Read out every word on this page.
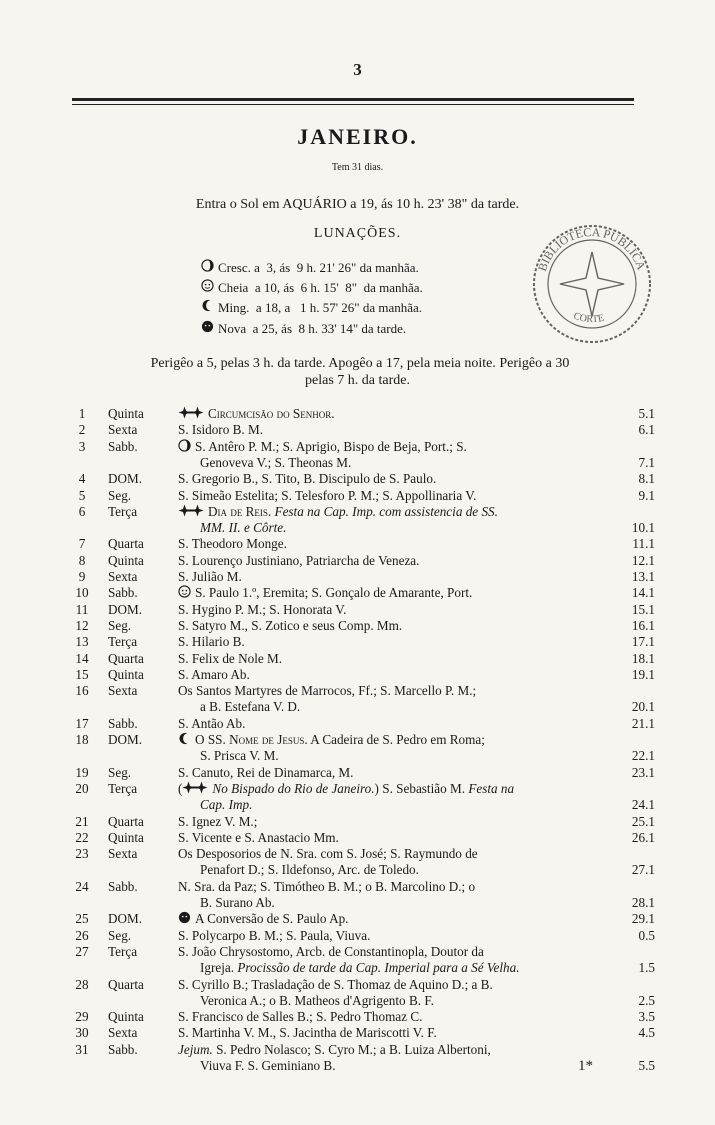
3
JANEIRO.
Tem 31 dias.
Entra o Sol em AQUÁRIO a 19, ás 10 h. 23' 38" da tarde.
LUNAÇÕES.
Cresc. a  3, ás  9 h. 21' 26" da manhãa.
Cheia  a 10, ás  6 h. 15'  8"  da manhãa.
Ming.  a 18, a   1 h. 57' 26" da manhãa.
Nova  a 25, ás  8 h. 33' 14" da tarde.
BIBLIOTECA PUBLICA
CORTE
Perigêo a 5, pelas 3 h. da tarde. Apogêo a 17, pela meia noite. Perigêo a 30
pelas 7 h. da tarde.
1	Quinta	Circumcisão do Senhor.	5.1
2	Sexta	S. Isidoro B. M.	6.1
3	Sabb.	S. Antêro P. M.; S. Aprigio, Bispo de Beja, Port.; S.
Genoveva V.; S. Theonas M.	7.1
4	DOM.	S. Gregorio B., S. Tito, B. Discipulo de S. Paulo.	8.1
5	Seg.	S. Simeão Estelita; S. Telesforo P. M.; S. Appollinaria V.	9.1
6	Terça	Dia de Reis. Festa na Cap. Imp. com assistencia de SS.
MM. II. e Côrte.	10.1
7	Quarta	S. Theodoro Monge.	11.1
8	Quinta	S. Lourenço Justiniano, Patriarcha de Veneza.	12.1
9	Sexta	S. Julião M.	13.1
10	Sabb.	S. Paulo 1.º, Eremita; S. Gonçalo de Amarante, Port.	14.1
11	DOM.	S. Hygino P. M.; S. Honorata V.	15.1
12	Seg.	S. Satyro M., S. Zotico e seus Comp. Mm.	16.1
13	Terça	S. Hilario B.	17.1
14	Quarta	S. Felix de Nole M.	18.1
15	Quinta	S. Amaro Ab.	19.1
16	Sexta	Os Santos Martyres de Marrocos, Ff.; S. Marcello P. M.;
a B. Estefana V. D.	20.1
17	Sabb.	S. Antão Ab.	21.1
18	DOM.	O SS. Nome de Jesus. A Cadeira de S. Pedro em Roma;
S. Prisca V. M.	22.1
19	Seg.	S. Canuto, Rei de Dinamarca, M.	23.1
20	Terça	( No Bispado do Rio de Janeiro.) S. Sebastião M. Festa na
Cap. Imp.	24.1
21	Quarta	S. Ignez V. M.;	25.1
22	Quinta	S. Vicente e S. Anastacio Mm.	26.1
23	Sexta	Os Desposorios de N. Sra. com S. José; S. Raymundo de
Penafort D.; S. Ildefonso, Arc. de Toledo.	27.1
24	Sabb.	N. Sra. da Paz; S. Timótheo B. M.; o B. Marcolino D.; o
B. Surano Ab.	28.1
25	DOM.	A Conversão de S. Paulo Ap.	29.1
26	Seg.	S. Polycarpo B. M.; S. Paula, Viuva.	0.5
27	Terça	S. João Chrysostomo, Arcb. de Constantinopla, Doutor da
Igreja. Procissão de tarde da Cap. Imperial para a Sé Velha.	1.5
28	Quarta	S. Cyrillo B.; Trasladação de S. Thomaz de Aquino D.; a B.
Veronica A.; o B. Matheos d'Agrigento B. F.	2.5
29	Quinta	S. Francisco de Salles B.; S. Pedro Thomaz C.	3.5
30	Sexta	S. Martinha V. M., S. Jacintha de Mariscotti V. F.	4.5
31	Sabb.	Jejum. S. Pedro Nolasco; S. Cyro M.; a B. Luiza Albertoni,
Viuva F. S. Geminiano B.	5.5
1*
